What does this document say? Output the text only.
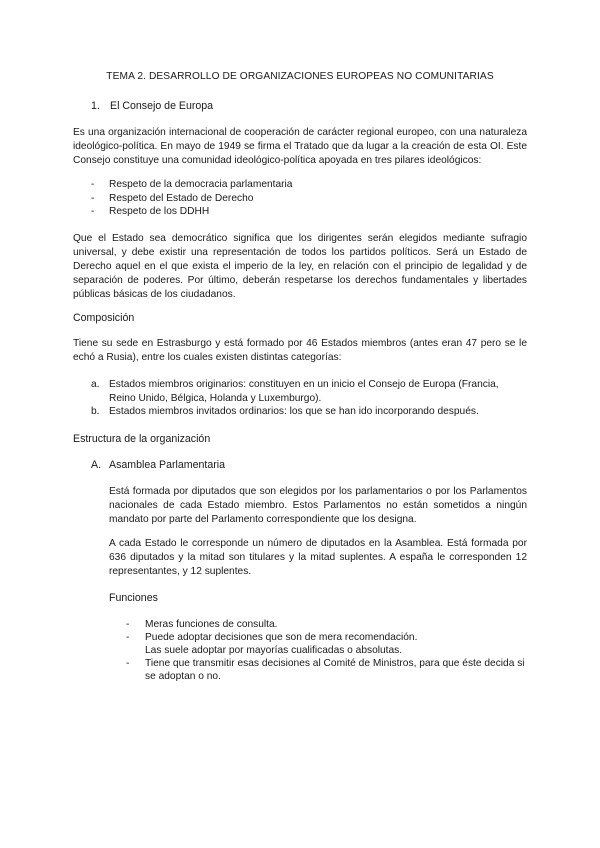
TEMA 2. DESARROLLO DE ORGANIZACIONES EUROPEAS NO COMUNITARIAS
1. El Consejo de Europa
Es una organización internacional de cooperación de carácter regional europeo, con una naturaleza ideológico-política. En mayo de 1949 se firma el Tratado que da lugar a la creación de esta OI. Este Consejo constituye una comunidad ideológico-política apoyada en tres pilares ideológicos:
- Respeto de la democracia parlamentaria
- Respeto del Estado de Derecho
- Respeto de los DDHH
Que el Estado sea democrático significa que los dirigentes serán elegidos mediante sufragio universal, y debe existir una representación de todos los partidos políticos. Será un Estado de Derecho aquel en el que exista el imperio de la ley, en relación con el principio de legalidad y de separación de poderes. Por último, deberán respetarse los derechos fundamentales y libertades públicas básicas de los ciudadanos.
Composición
Tiene su sede en Estrasburgo y está formado por 46 Estados miembros (antes eran 47 pero se le echó a Rusia), entre los cuales existen distintas categorías:
a. Estados miembros originarios: constituyen en un inicio el Consejo de Europa (Francia, Reino Unido, Bélgica, Holanda y Luxemburgo).
b. Estados miembros invitados ordinarios: los que se han ido incorporando después.
Estructura de la organización
A. Asamblea Parlamentaria
Está formada por diputados que son elegidos por los parlamentarios o por los Parlamentos nacionales de cada Estado miembro. Estos Parlamentos no están sometidos a ningún mandato por parte del Parlamento correspondiente que los designa.
A cada Estado le corresponde un número de diputados en la Asamblea. Está formada por 636 diputados y la mitad son titulares y la mitad suplentes. A españa le corresponden 12 representantes, y 12 suplentes.
Funciones
- Meras funciones de consulta.
- Puede adoptar decisiones que son de mera recomendación.
Las suele adoptar por mayorías cualificadas o absolutas.
- Tiene que transmitir esas decisiones al Comité de Ministros, para que éste decida si se adoptan o no.
